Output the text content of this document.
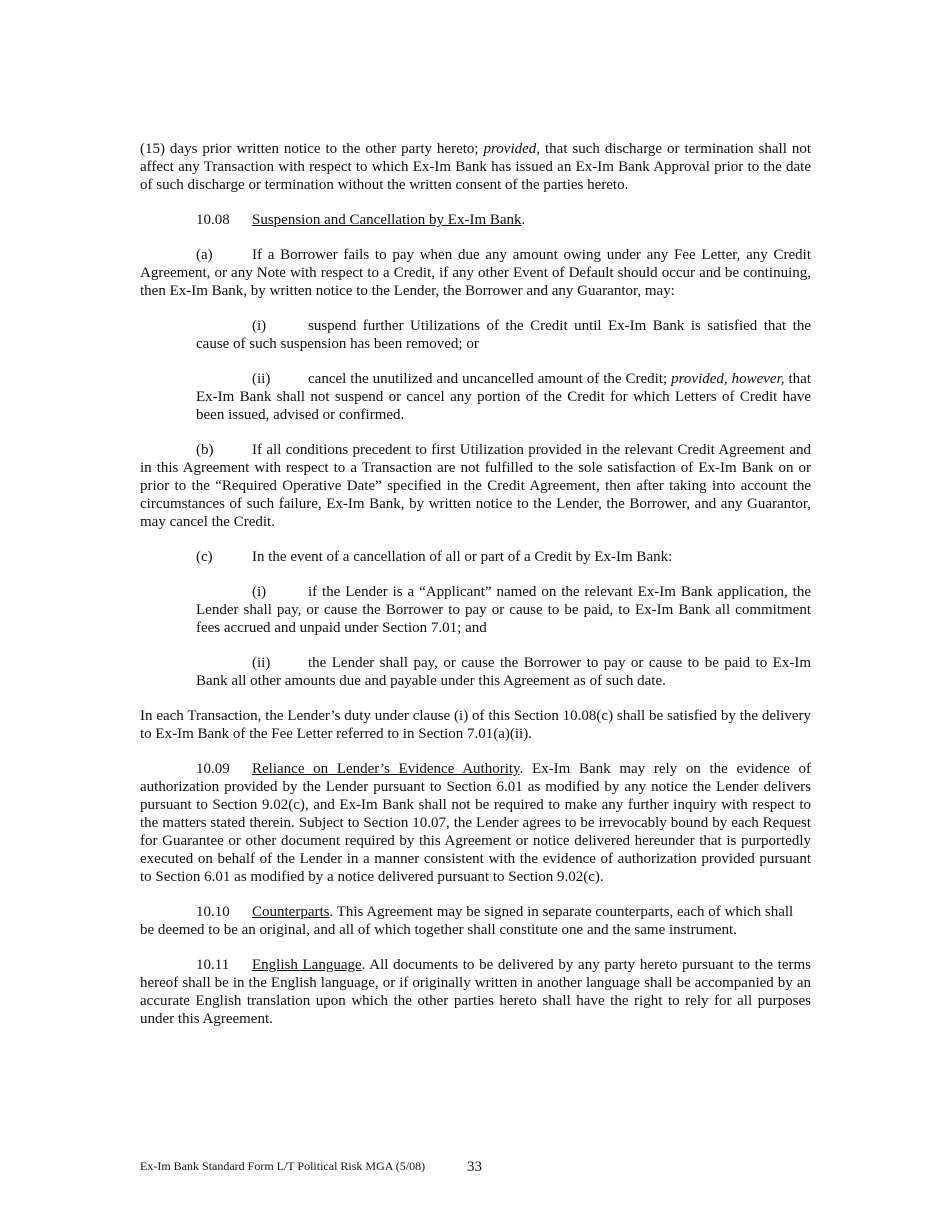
(15) days prior written notice to the other party hereto; provided, that such discharge or termination shall not affect any Transaction with respect to which Ex-Im Bank has issued an Ex-Im Bank Approval prior to the date of such discharge or termination without the written consent of the parties hereto.

10.08 Suspension and Cancellation by Ex-Im Bank.

(a)	If a Borrower fails to pay when due any amount owing under any Fee Letter, any Credit Agreement, or any Note with respect to a Credit, if any other Event of Default should occur and be continuing, then Ex-Im Bank, by written notice to the Lender, the Borrower and any Guarantor, may:

(i)	suspend further Utilizations of the Credit until Ex-Im Bank is satisfied that the cause of such suspension has been removed; or

(ii)	cancel the unutilized and uncancelled amount of the Credit; provided, however, that Ex-Im Bank shall not suspend or cancel any portion of the Credit for which Letters of Credit have been issued, advised or confirmed.

(b)	If all conditions precedent to first Utilization provided in the relevant Credit Agreement and in this Agreement with respect to a Transaction are not fulfilled to the sole satisfaction of Ex-Im Bank on or prior to the “Required Operative Date” specified in the Credit Agreement, then after taking into account the circumstances of such failure, Ex-Im Bank, by written notice to the Lender, the Borrower, and any Guarantor, may cancel the Credit.

(c)	In the event of a cancellation of all or part of a Credit by Ex-Im Bank:

(i)	if the Lender is a “Applicant” named on the relevant Ex-Im Bank application, the Lender shall pay, or cause the Borrower to pay or cause to be paid, to Ex-Im Bank all commitment fees accrued and unpaid under Section 7.01; and

(ii)	the Lender shall pay, or cause the Borrower to pay or cause to be paid to Ex-Im Bank all other amounts due and payable under this Agreement as of such date.

In each Transaction, the Lender’s duty under clause (i) of this Section 10.08(c) shall be satisfied by the delivery to Ex-Im Bank of the Fee Letter referred to in Section 7.01(a)(ii).

10.09 Reliance on Lender’s Evidence Authority. Ex-Im Bank may rely on the evidence of authorization provided by the Lender pursuant to Section 6.01 as modified by any notice the Lender delivers pursuant to Section 9.02(c), and Ex-Im Bank shall not be required to make any further inquiry with respect to the matters stated therein. Subject to Section 10.07, the Lender agrees to be irrevocably bound by each Request for Guarantee or other document required by this Agreement or notice delivered hereunder that is purportedly executed on behalf of the Lender in a manner consistent with the evidence of authorization provided pursuant to Section 6.01 as modified by a notice delivered pursuant to Section 9.02(c).

10.10 Counterparts. This Agreement may be signed in separate counterparts, each of which shall be deemed to be an original, and all of which together shall constitute one and the same instrument.

10.11 English Language. All documents to be delivered by any party hereto pursuant to the terms hereof shall be in the English language, or if originally written in another language shall be accompanied by an accurate English translation upon which the other parties hereto shall have the right to rely for all purposes under this Agreement.

Ex-Im Bank Standard Form L/T Political Risk MGA (5/08)	33
